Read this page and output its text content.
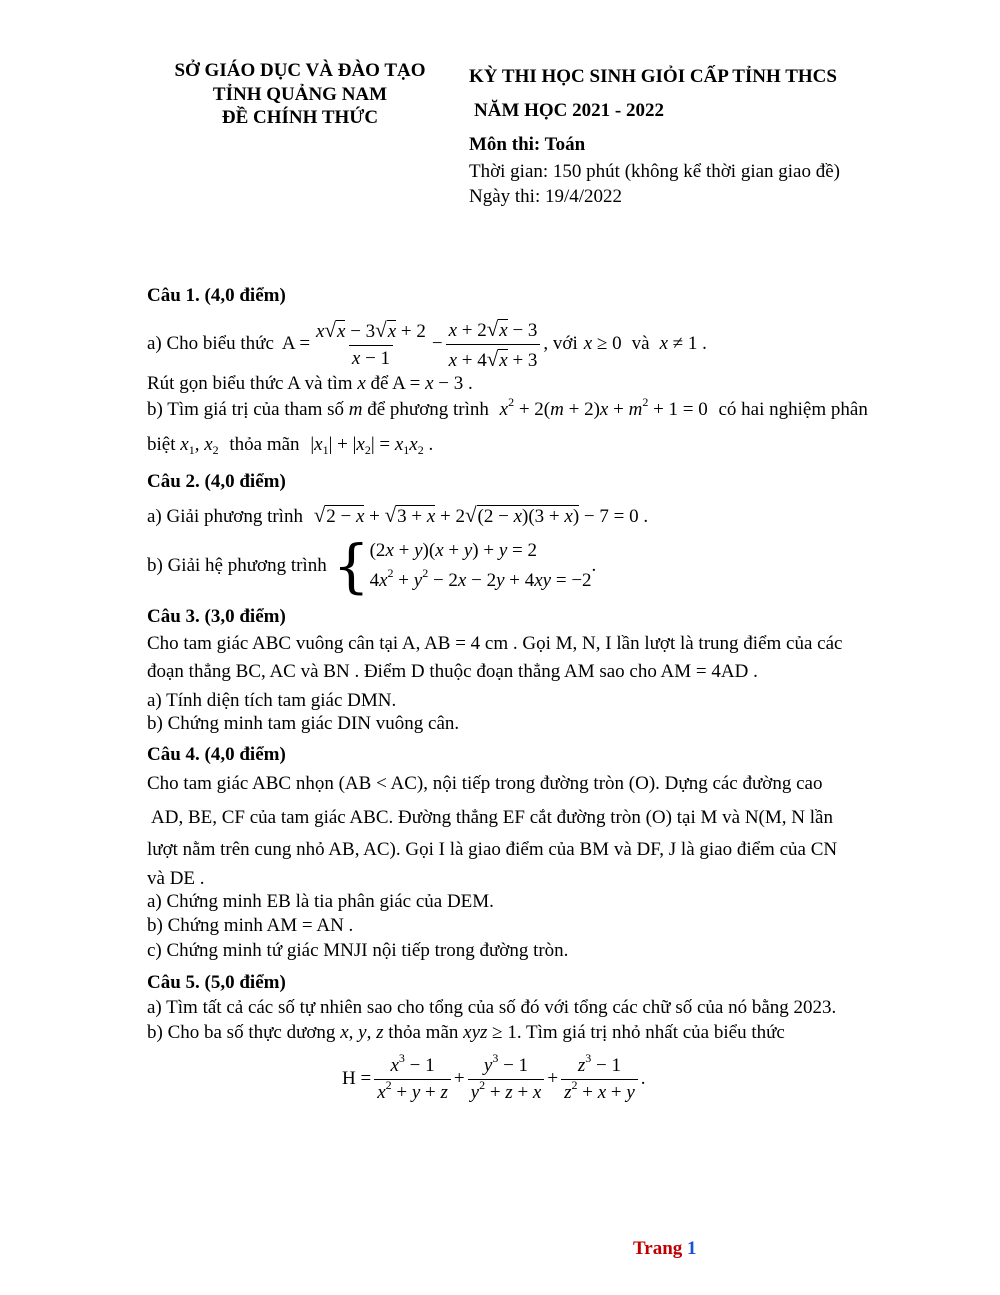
SỞ GIÁO DỤC VÀ ĐÀO TẠO
TỈNH QUẢNG NAM
ĐỀ CHÍNH THỨC
KỲ THI HỌC SINH GIỎI CẤP TỈNH THCS
NĂM HỌC 2021 - 2022
Môn thi: Toán
Thời gian: 150 phút (không kể thời gian giao đề)
Ngày thi: 19/4/2022
Câu 1. (4,0 điểm)
a) Cho biểu thức $A = \frac{x√x - 3√x + 2}{x - 1} - \frac{x + 2√x - 3}{x + 4√x + 3}$ , với x ≥ 0 và x ≠ 1 .
Rút gọn biểu thức A và tìm x để A = x − 3 .
b) Tìm giá trị của tham số m để phương trình $x^2 + 2(m + 2)x + m^2 + 1 = 0$ có hai nghiệm phân
biệt $x_1$, $x_2$ thỏa mãn $|x_1| + |x_2| = x_1x_2$ .
Câu 2. (4,0 điểm)
a) Giải phương trình √2 − x + √3 + x + 2√(2 − x)(3 + x) − 7 = 0 .
b) Giải hệ phương trình { (2x + y)(x + y) + y = 2
$4x^2 + y^2 - 2x - 2y + 4xy = -2$
.
Câu 3. (3,0 điểm)
Cho tam giác ABC vuông cân tại A, AB = 4 cm . Gọi M, N, I lần lượt là trung điểm của các
đoạn thẳng BC, AC và BN . Điểm D thuộc đoạn thẳng AM sao cho AM = 4AD .
a) Tính diện tích tam giác DMN.
b) Chứng minh tam giác DIN vuông cân.
Câu 4. (4,0 điểm)
Cho tam giác ABC nhọn (AB < AC), nội tiếp trong đường tròn (O). Dựng các đường cao
AD, BE, CF của tam giác ABC. Đường thẳng EF cắt đường tròn (O) tại M và N(M, N lần
lượt nằm trên cung nhỏ AB, AC). Gọi I là giao điểm của BM và DF, J là giao điểm của CN
và DE .
a) Chứng minh EB là tia phân giác của DEM.
b) Chứng minh AM = AN .
c) Chứng minh tứ giác MNJI nội tiếp trong đường tròn.
Câu 5. (5,0 điểm)
a) Tìm tất cả các số tự nhiên sao cho tổng của số đó với tổng các chữ số của nó bằng 2023.
b) Cho ba số thực dương x, y, z thỏa mãn xyz ≥ 1. Tìm giá trị nhỏ nhất của biểu thức
$H = \frac{x^3 - 1}{x^2 + y + z} + \frac{y^3 - 1}{y^2 + z + x} + \frac{z^3 - 1}{z^2 + x + y}$ .
Trang 1
